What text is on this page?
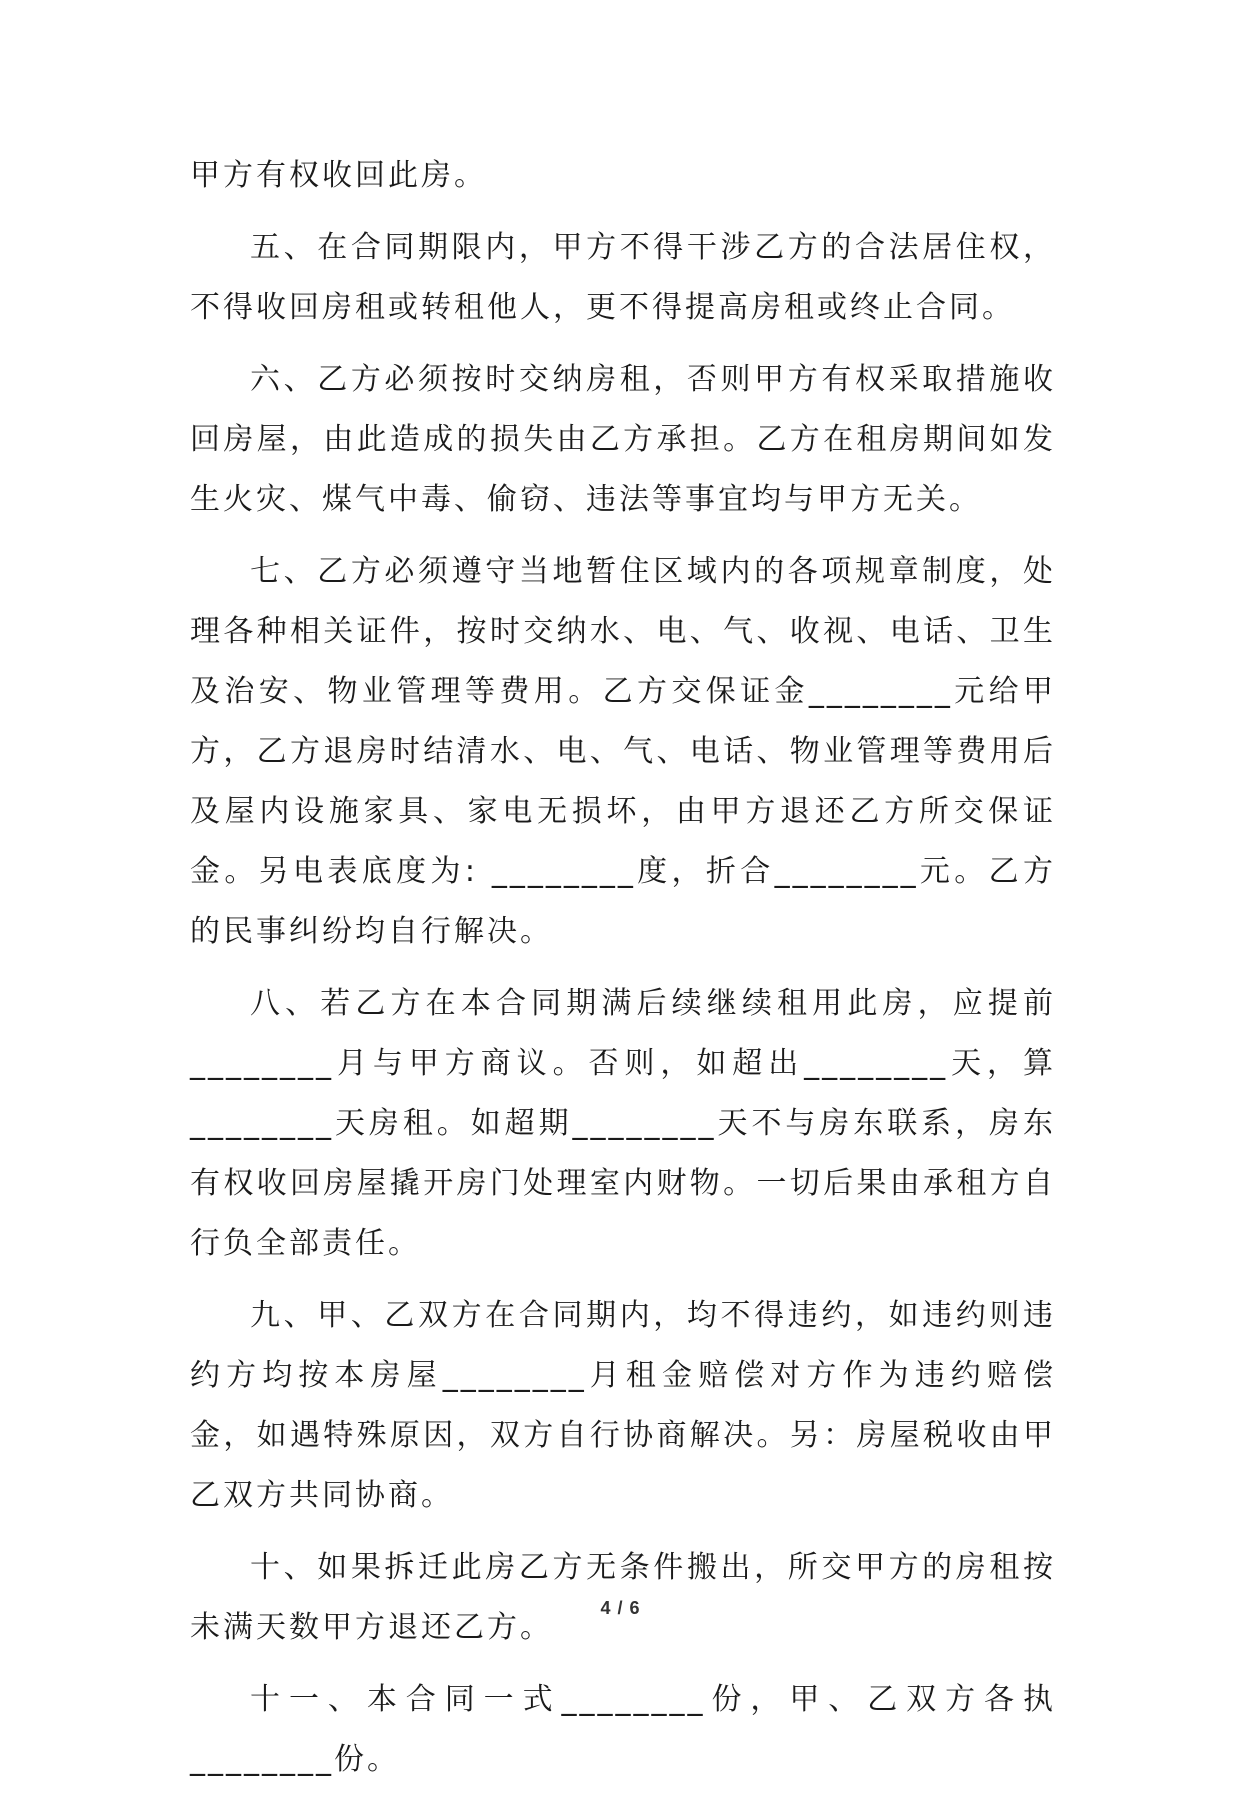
甲方有权收回此房。

五、在合同期限内，甲方不得干涉乙方的合法居住权，不得收回房租或转租他人，更不得提高房租或终止合同。

六、乙方必须按时交纳房租，否则甲方有权采取措施收回房屋，由此造成的损失由乙方承担。乙方在租房期间如发生火灾、煤气中毒、偷窃、违法等事宜均与甲方无关。

七、乙方必须遵守当地暂住区域内的各项规章制度，处理各种相关证件，按时交纳水、电、气、收视、电话、卫生及治安、物业管理等费用。乙方交保证金________元给甲方，乙方退房时结清水、电、气、电话、物业管理等费用后及屋内设施家具、家电无损坏，由甲方退还乙方所交保证金。另电表底度为: ________度，折合________元。乙方的民事纠纷均自行解决。

八、若乙方在本合同期满后续继续租用此房，应提前________月与甲方商议。否则，如超出________天，算________天房租。如超期________天不与房东联系，房东有权收回房屋撬开房门处理室内财物。一切后果由承租方自行负全部责任。

九、甲、乙双方在合同期内，均不得违约，如违约则违约方均按本房屋________月租金赔偿对方作为违约赔偿金，如遇特殊原因，双方自行协商解决。另：房屋税收由甲乙双方共同协商。

十、如果拆迁此房乙方无条件搬出，所交甲方的房租按未满天数甲方退还乙方。

十一、本合同一式________份，甲、乙双方各执________份。

4 / 6
